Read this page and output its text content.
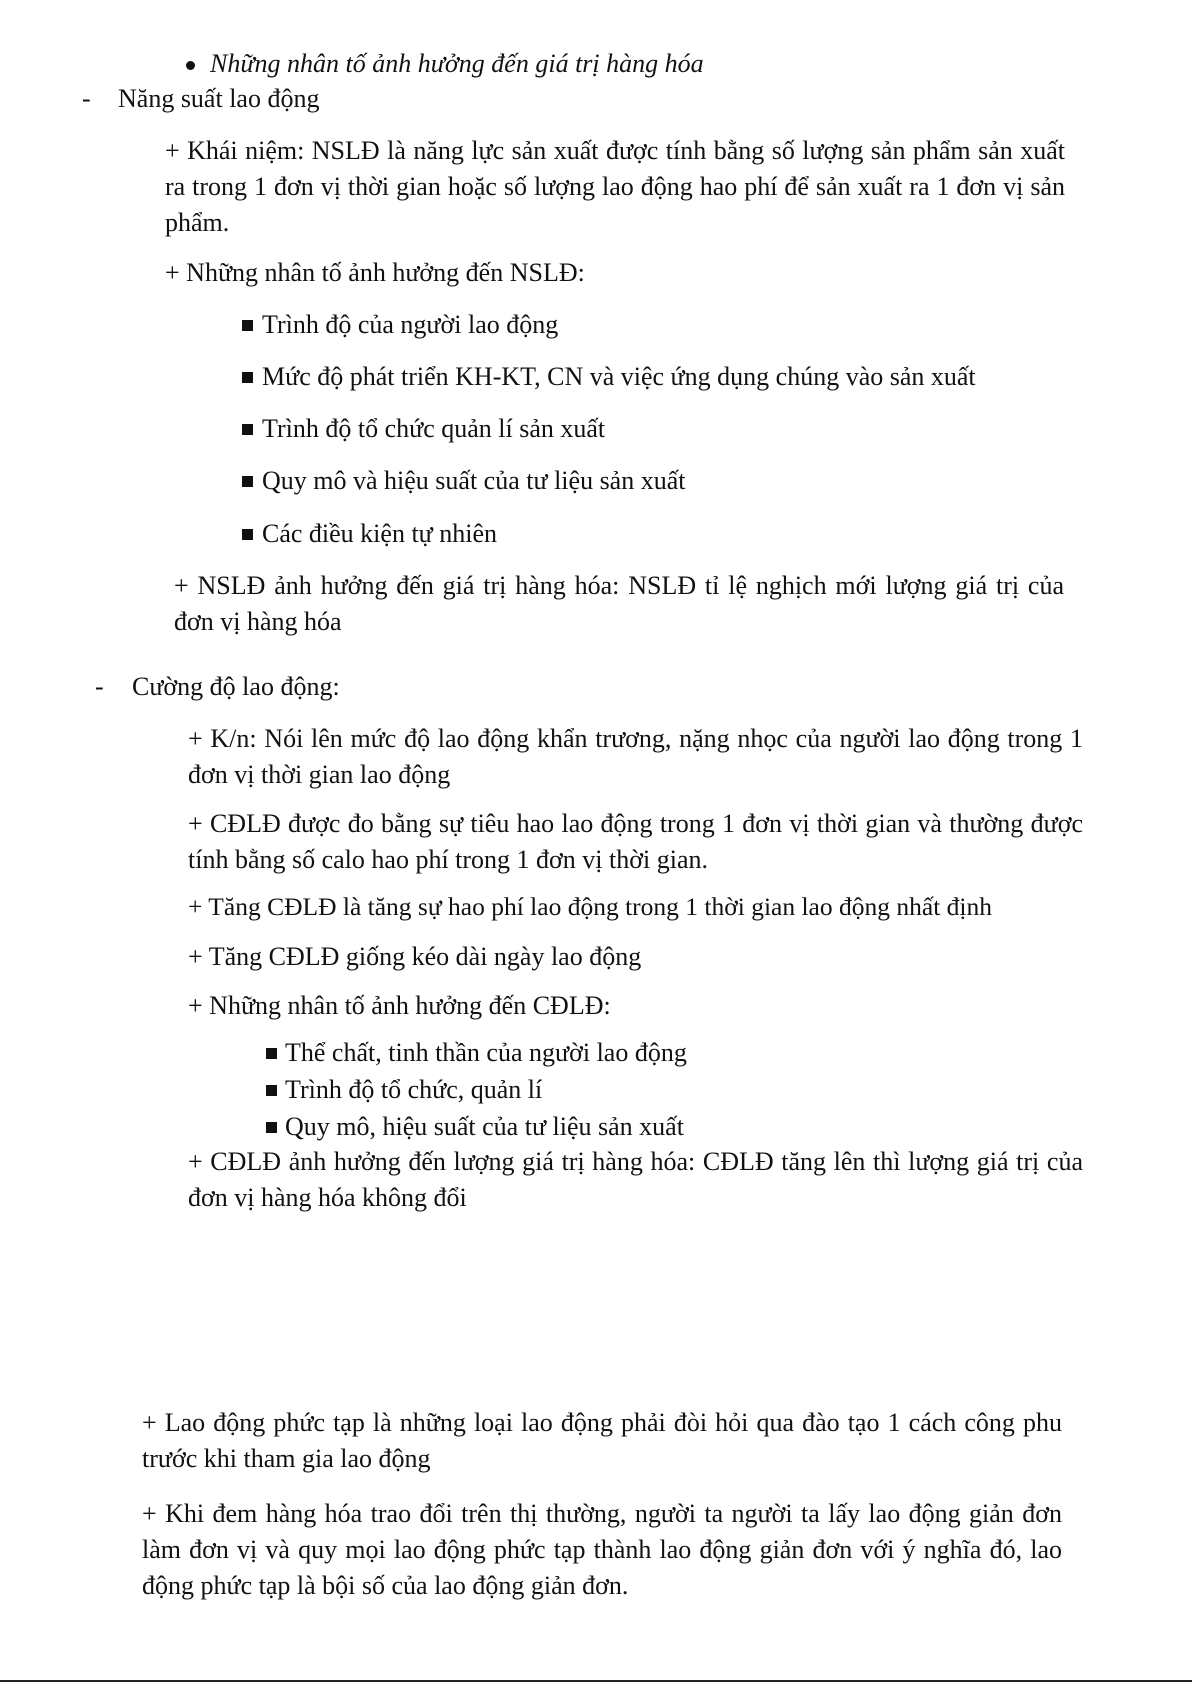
Những nhân tố ảnh hưởng đến giá trị hàng hóa
- Năng suất lao động
+ Khái niệm: NSLĐ là năng lực sản xuất được tính bằng số lượng sản phẩm sản xuất ra trong 1 đơn vị thời gian hoặc số lượng lao động hao phí để sản xuất ra 1 đơn vị sản phẩm.
+ Những nhân tố ảnh hưởng đến NSLĐ:
Trình độ của người lao động
Mức độ phát triển KH-KT, CN và việc ứng dụng chúng vào sản xuất
Trình độ tổ chức quản lí sản xuất
Quy mô và hiệu suất của tư liệu sản xuất
Các điều kiện tự nhiên
+ NSLĐ ảnh hưởng đến giá trị hàng hóa: NSLĐ tỉ lệ nghịch mới lượng giá trị của đơn vị hàng hóa
- Cường độ lao động:
+ K/n: Nói lên mức độ lao động khẩn trương, nặng nhọc của người lao động trong 1 đơn vị thời gian lao động
+ CĐLĐ được đo bằng sự tiêu hao lao động trong 1 đơn vị thời gian và thường được tính bằng số calo hao phí trong 1 đơn vị thời gian.
+ Tăng CĐLĐ là tăng sự hao phí lao động trong 1 thời gian lao động nhất định
+ Tăng CĐLĐ giống kéo dài ngày lao động
+ Những nhân tố ảnh hưởng đến CĐLĐ:
Thể chất, tinh thần của người lao động
Trình độ tổ chức, quản lí
Quy mô, hiệu suất của tư liệu sản xuất
+ CĐLĐ ảnh hưởng đến lượng giá trị hàng hóa: CĐLĐ tăng lên thì lượng giá trị của đơn vị hàng hóa không đổi
+ Lao động phức tạp là những loại lao động phải đòi hỏi qua đào tạo 1 cách công phu trước khi tham gia lao động
+ Khi đem hàng hóa trao đổi trên thị thường, người ta người ta lấy lao động giản đơn làm đơn vị và quy mọi lao động phức tạp thành lao động giản đơn với ý nghĩa đó, lao động phức tạp là bội số của lao động giản đơn.
